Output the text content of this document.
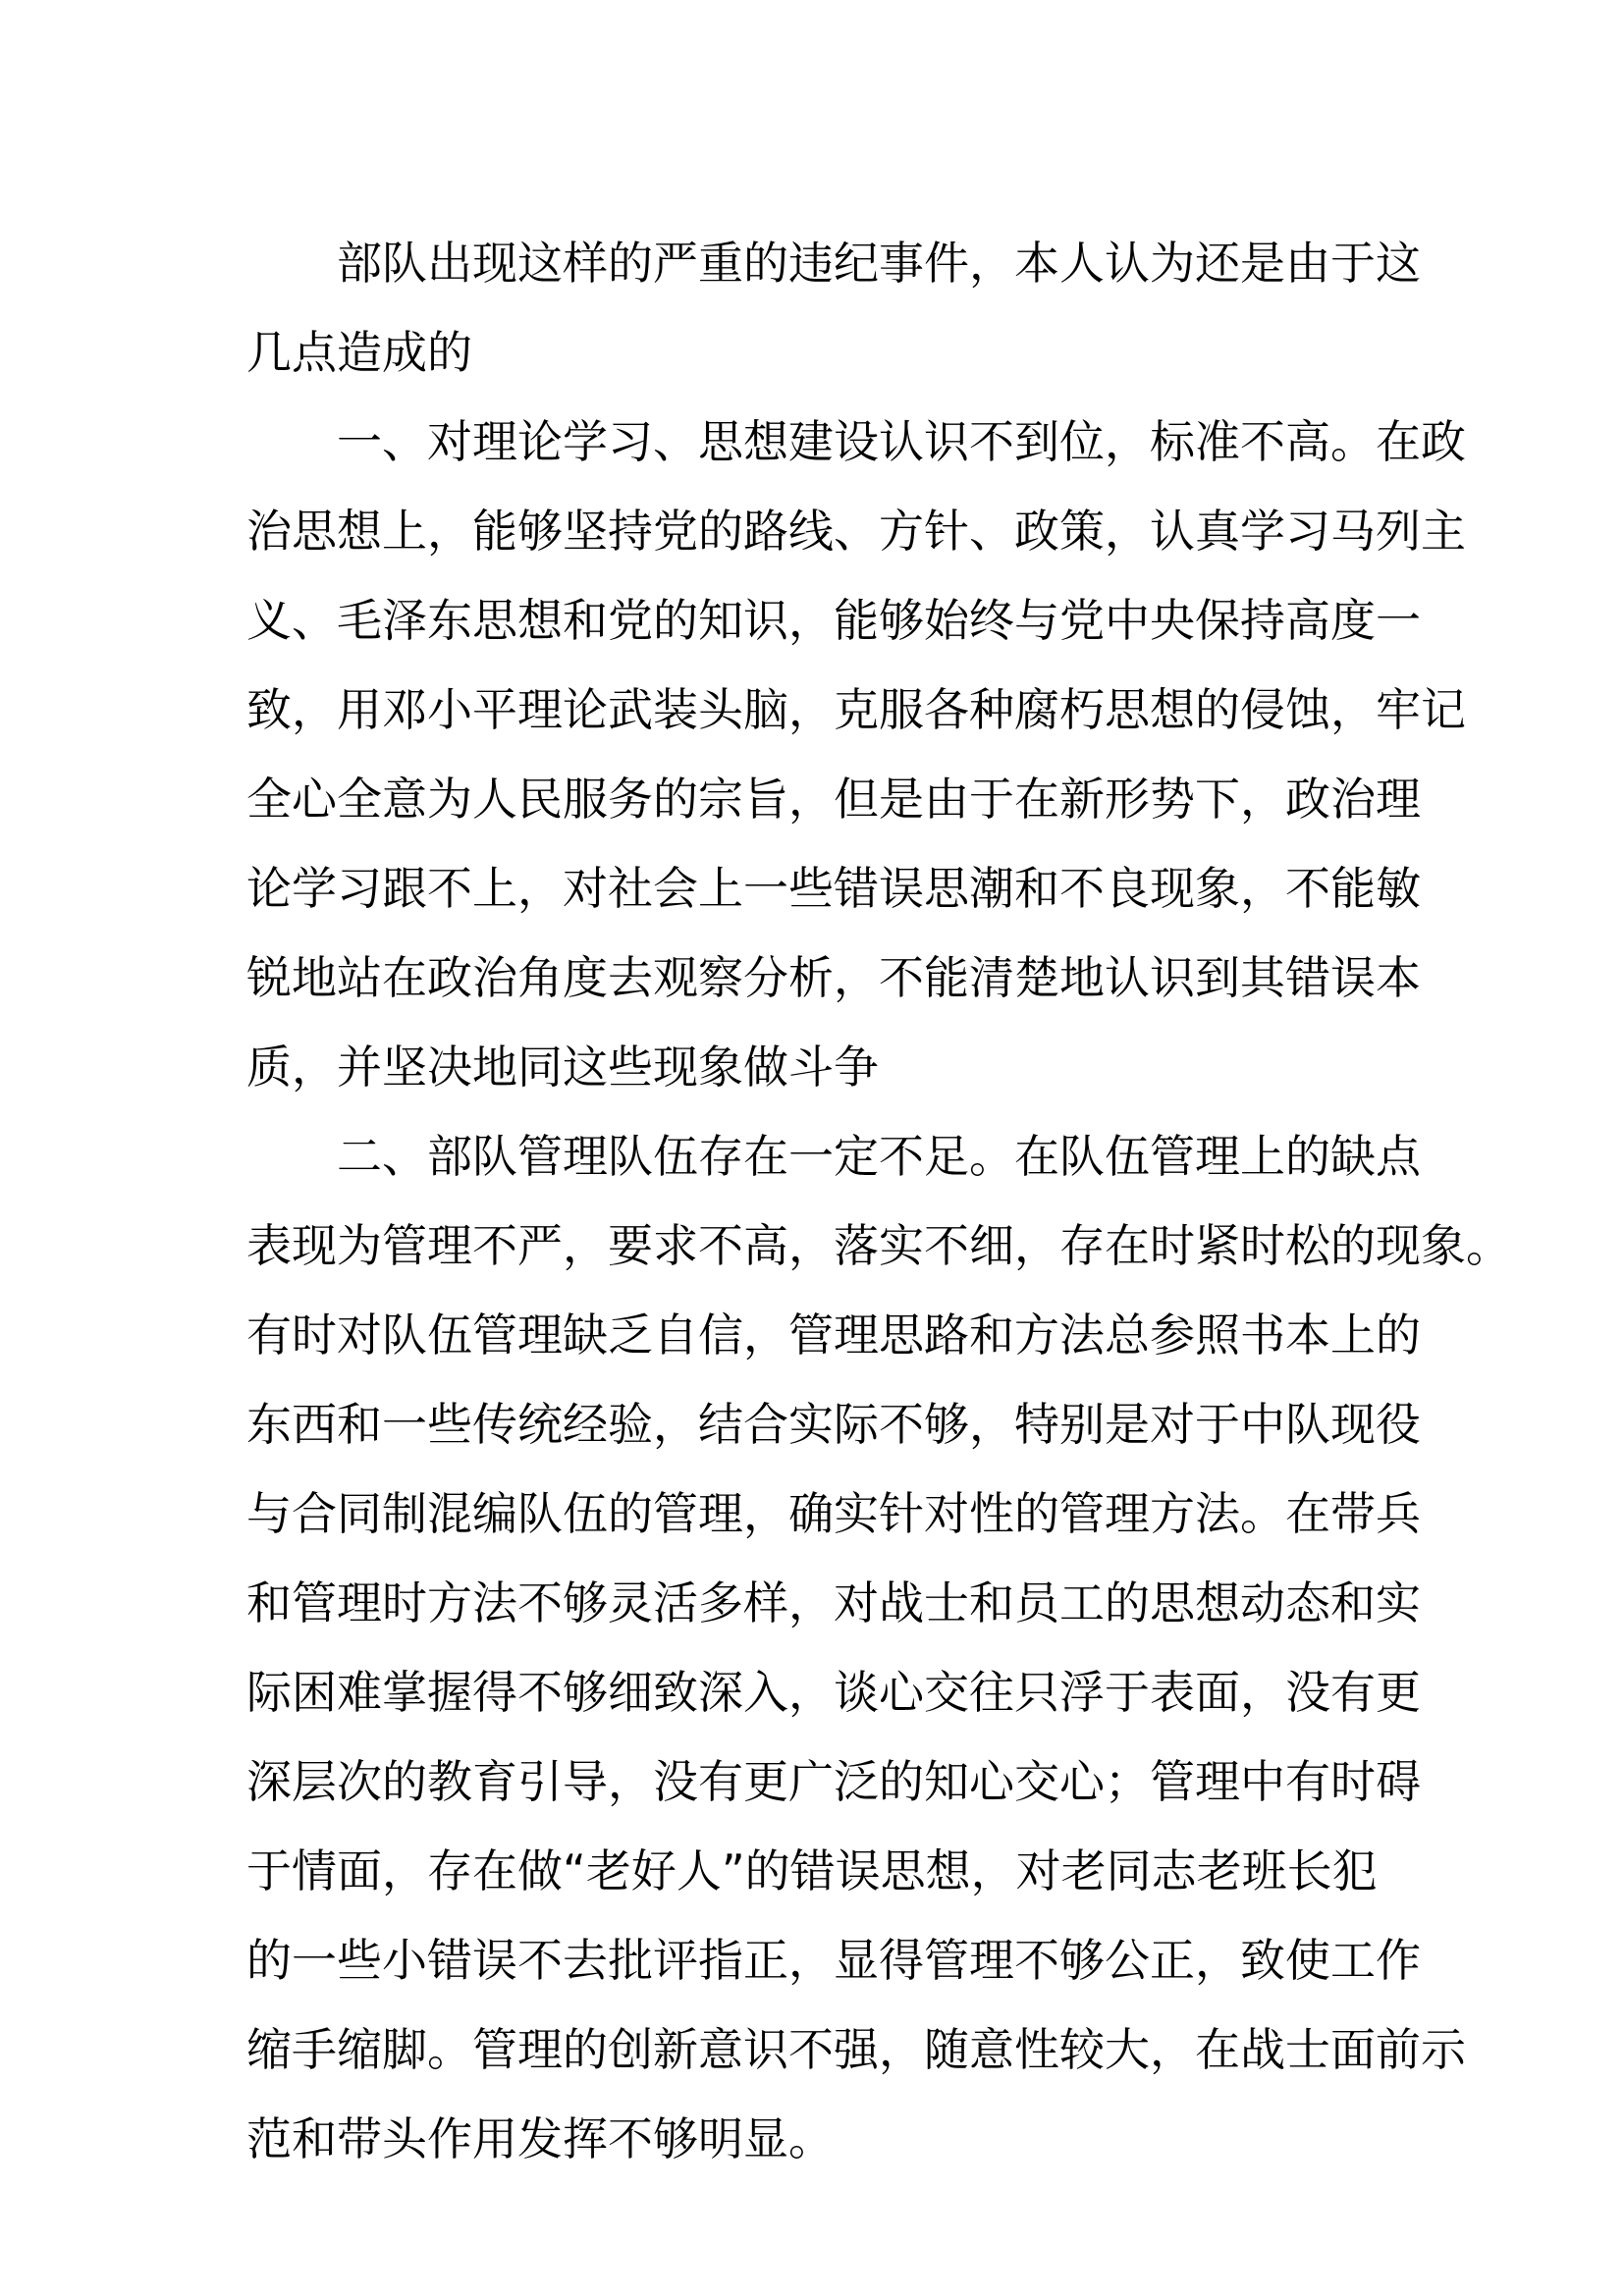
　　部队出现这样的严重的违纪事件，本人认为还是由于这
几点造成的
　　一、对理论学习、思想建设认识不到位，标准不高。在政
治思想上，能够坚持党的路线、方针、政策，认真学习马列主
义、毛泽东思想和党的知识，能够始终与党中央保持高度一
致，用邓小平理论武装头脑，克服各种腐朽思想的侵蚀，牢记
全心全意为人民服务的宗旨，但是由于在新形势下，政治理
论学习跟不上，对社会上一些错误思潮和不良现象，不能敏
锐地站在政治角度去观察分析，不能清楚地认识到其错误本
质，并坚决地同这些现象做斗争
　　二、部队管理队伍存在一定不足。在队伍管理上的缺点
表现为管理不严，要求不高，落实不细，存在时紧时松的现象。
有时对队伍管理缺乏自信，管理思路和方法总参照书本上的
东西和一些传统经验，结合实际不够，特别是对于中队现役
与合同制混编队伍的管理，确实针对性的管理方法。在带兵
和管理时方法不够灵活多样，对战士和员工的思想动态和实
际困难掌握得不够细致深入，谈心交往只浮于表面，没有更
深层次的教育引导，没有更广泛的知心交心；管理中有时碍
于情面，存在做“老好人”的错误思想，对老同志老班长犯
的一些小错误不去批评指正，显得管理不够公正，致使工作
缩手缩脚。管理的创新意识不强，随意性较大，在战士面前示
范和带头作用发挥不够明显。
